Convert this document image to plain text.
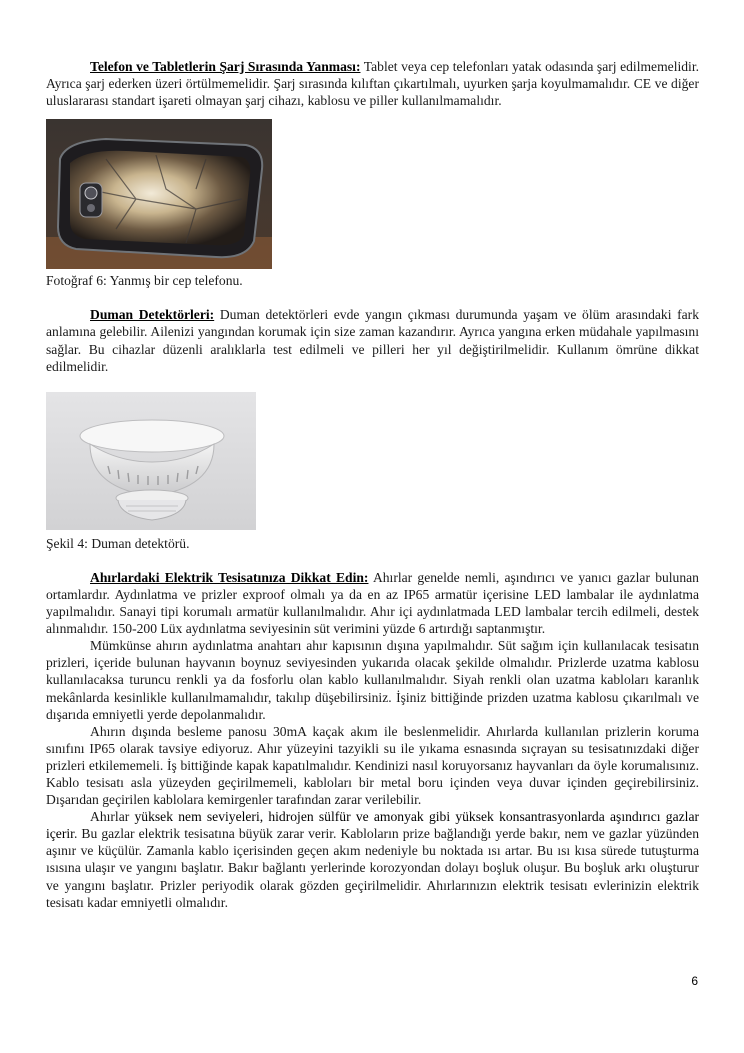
Telefon ve Tabletlerin Şarj Sırasında Yanması: Tablet veya cep telefonları yatak odasında şarj edilmemelidir. Ayrıca şarj ederken üzeri örtülmemelidir. Şarj sırasında kılıftan çıkartılmalı, uyurken şarja koyulmamalıdır. CE ve diğer uluslararası standart işareti olmayan şarj cihazı, kablosu ve piller kullanılmamalıdır.

Fotoğraf 6: Yanmış bir cep telefonu.

Duman Detektörleri: Duman detektörleri evde yangın çıkması durumunda yaşam ve ölüm arasındaki fark anlamına gelebilir. Ailenizi yangından korumak için size zaman kazandırır. Ayrıca yangına erken müdahale yapılmasını sağlar. Bu cihazlar düzenli aralıklarla test edilmeli ve pilleri her yıl değiştirilmelidir. Kullanım ömrüne dikkat edilmelidir.

Şekil 4: Duman detektörü.

Ahırlardaki Elektrik Tesisatınıza Dikkat Edin: Ahırlar genelde nemli, aşındırıcı ve yanıcı gazlar bulunan ortamlardır. Aydınlatma ve prizler exproof olmalı ya da en az IP65 armatür içerisine LED lambalar ile aydınlatma yapılmalıdır. Sanayi tipi korumalı armatür kullanılmalıdır. Ahır içi aydınlatmada LED lambalar tercih edilmeli, destek alınmalıdır. 150-200 Lüx aydınlatma seviyesinin süt verimini yüzde 6 artırdığı saptanmıştır.

Mümkünse ahırın aydınlatma anahtarı ahır kapısının dışına yapılmalıdır. Süt sağım için kullanılacak tesisatın prizleri, içeride bulunan hayvanın boynuz seviyesinden yukarıda olacak şekilde olmalıdır. Prizlerde uzatma kablosu kullanılacaksa turuncu renkli ya da fosforlu olan kablo kullanılmalıdır. Siyah renkli olan uzatma kabloları karanlık mekânlarda kesinlikle kullanılmamalıdır, takılıp düşebilirsiniz. İşiniz bittiğinde prizden uzatma kablosu çıkarılmalı ve dışarıda emniyetli yerde depolanmalıdır.

Ahırın dışında besleme panosu 30mA kaçak akım ile beslenmelidir. Ahırlarda kullanılan prizlerin koruma sınıfını IP65 olarak tavsiye ediyoruz. Ahır yüzeyini tazyikli su ile yıkama esnasında sıçrayan su tesisatınızdaki diğer prizleri etkilememeli. İş bittiğinde kapak kapatılmalıdır. Kendinizi nasıl koruyorsanız hayvanları da öyle korumalısınız. Kablo tesisatı asla yüzeyden geçirilmemeli, kabloları bir metal boru içinden veya duvar içinden geçirebilirsiniz. Dışarıdan geçirilen kablolara kemirgenler tarafından zarar verilebilir.

Ahırlar yüksek nem seviyeleri, hidrojen sülfür ve amonyak gibi yüksek konsantrasyonlarda aşındırıcı gazlar içerir. Bu gazlar elektrik tesisatına büyük zarar verir. Kabloların prize bağlandığı yerde bakır, nem ve gazlar yüzünden aşınır ve küçülür. Zamanla kablo içerisinden geçen akım nedeniyle bu noktada ısı artar. Bu ısı kısa sürede tutuşturma ısısına ulaşır ve yangını başlatır. Bakır bağlantı yerlerinde korozyondan dolayı boşluk oluşur. Bu boşluk arkı oluşturur ve yangını başlatır. Prizler periyodik olarak gözden geçirilmelidir. Ahırlarınızın elektrik tesisatı evlerinizin elektrik tesisatı kadar emniyetli olmalıdır.

6
